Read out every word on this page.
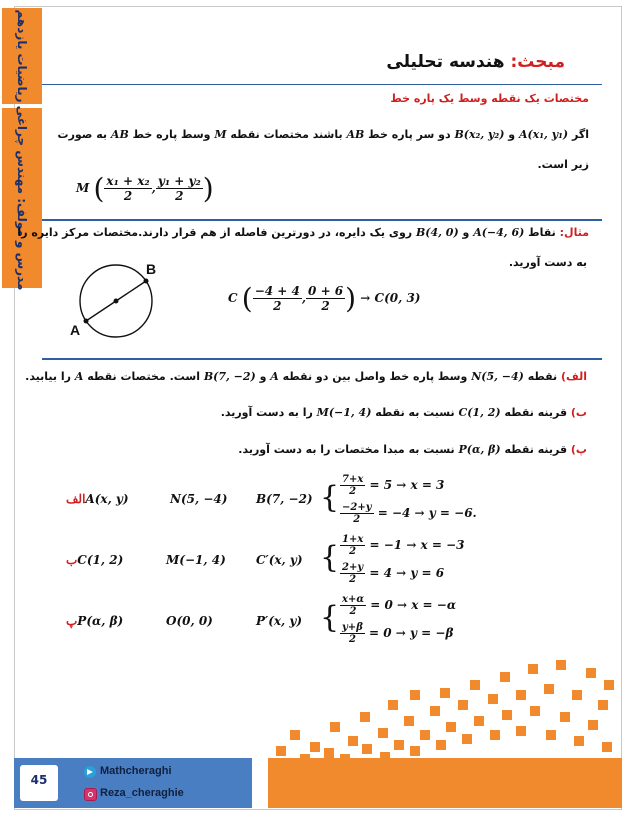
ریاضیات یازدهم
مدرس و مولف: مهندس چراغی
مبحث: هندسه تحلیلی
مختصات یک نقطه وسط یک پاره خط
اگر A(x₁, y₁) و B(x₂, y₂) دو سر پاره خط AB باشند مختصات نقطه M وسط پاره خط AB به صورت
زیر است.
M ( $\frac{\text{x₁ + x₂}}{2}$ , $\frac{\text{y₁ + y₂}}{2}$ )
مثال: نقاط A(−4, 6) و B(4, 0) روی یک دایره، در دورترین فاصله از هم قرار دارند.مختصات مرکز دایره را
به دست آورید.
A
B
C ( $\frac{-4 + 4}{2}$ , $\frac{0 + 6}{2}$ ) → C(0, 3)
الف) نقطه N(5, −4) وسط پاره خط واصل بین دو نقطه A و B(7, −2) است. مختصات نقطه A را بیابید.
ب) قرینه نقطه C(1, 2) نسبت به نقطه M(−1, 4) را به دست آورید.
پ) قرینه نقطه P(α, β) نسبت به مبدا مختصات را به دست آورید.
الفA(x, y)	N(5, −4) B(7, −2) { $\frac{7+x}{2} = 5 \to x = 3$
$\frac{-2+y}{2} = -4 \to y = -6$.
بC(1, 2)	M(−1, 4)	C′(x, y) { $\frac{1+x}{2} = -1 \to x = -3$
$\frac{2+y}{2} = 4 \to y = 6$
پP(α, β)	O(0, 0)	P′(x, y) { $\frac{x+\alpha}{2} = 0 \to x = -\alpha$
$\frac{y+\beta}{2} = 0 \to y = -\beta$
45
Mathcheraghi
Reza_cheraghie
